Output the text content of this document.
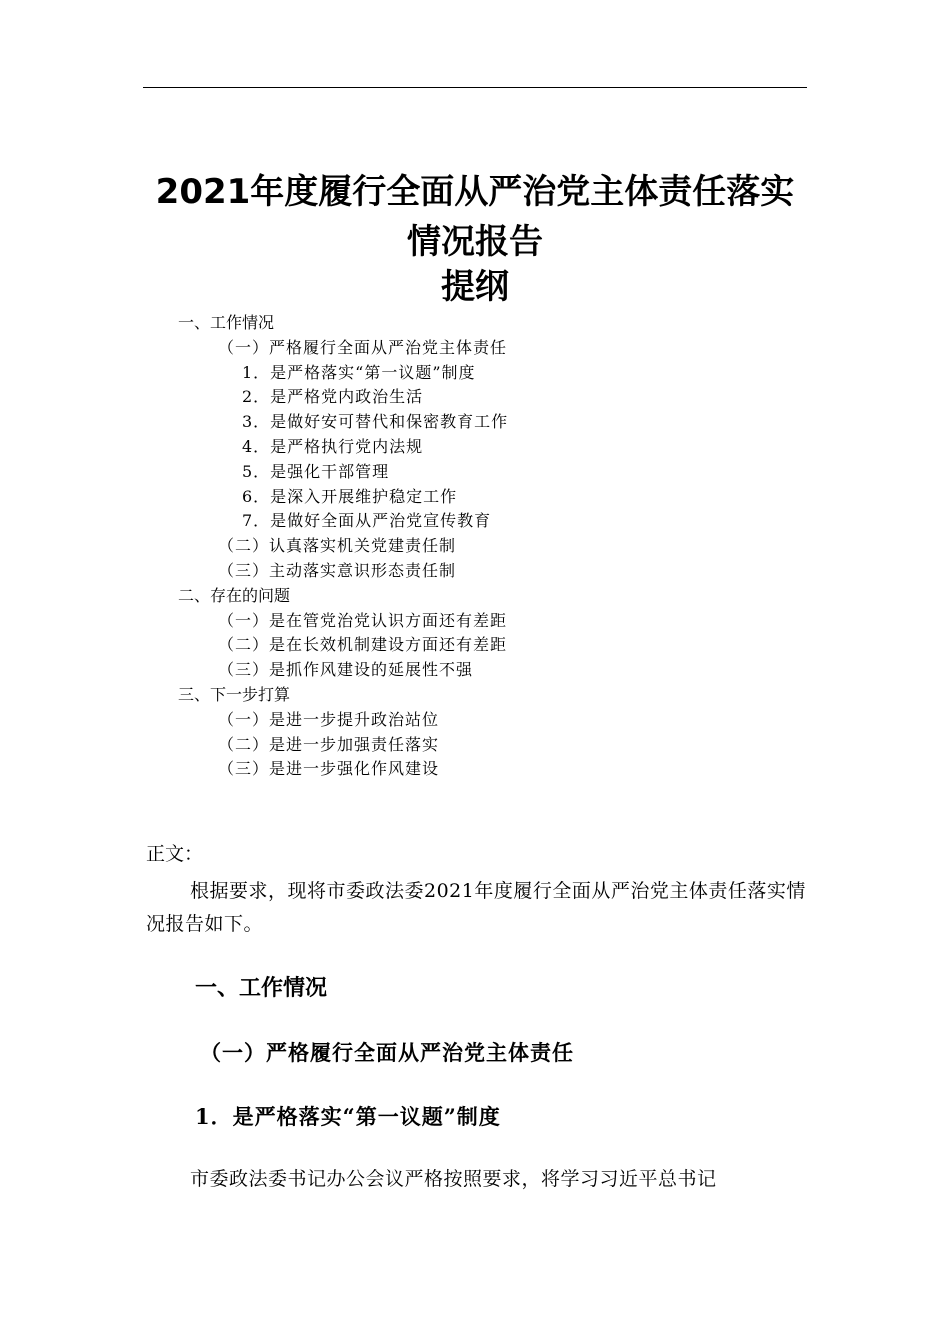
2021年度履行全面从严治党主体责任落实
情况报告
提纲
一、工作情况
（一）严格履行全面从严治党主体责任
1．是严格落实“第一议题”制度
2．是严格党内政治生活
3．是做好安可替代和保密教育工作
4．是严格执行党内法规
5．是强化干部管理
6．是深入开展维护稳定工作
7．是做好全面从严治党宣传教育
（二）认真落实机关党建责任制
（三）主动落实意识形态责任制
二、存在的问题
（一）是在管党治党认识方面还有差距
（二）是在长效机制建设方面还有差距
（三）是抓作风建设的延展性不强
三、下一步打算
（一）是进一步提升政治站位
（二）是进一步加强责任落实
（三）是进一步强化作风建设
正文：
根据要求，现将市委政法委2021年度履行全面从严治党主体责任落实情况报告如下。
一、工作情况
（一）严格履行全面从严治党主体责任
1．是严格落实“第一议题”制度
市委政法委书记办公会议严格按照要求，将学习习近平总书记
